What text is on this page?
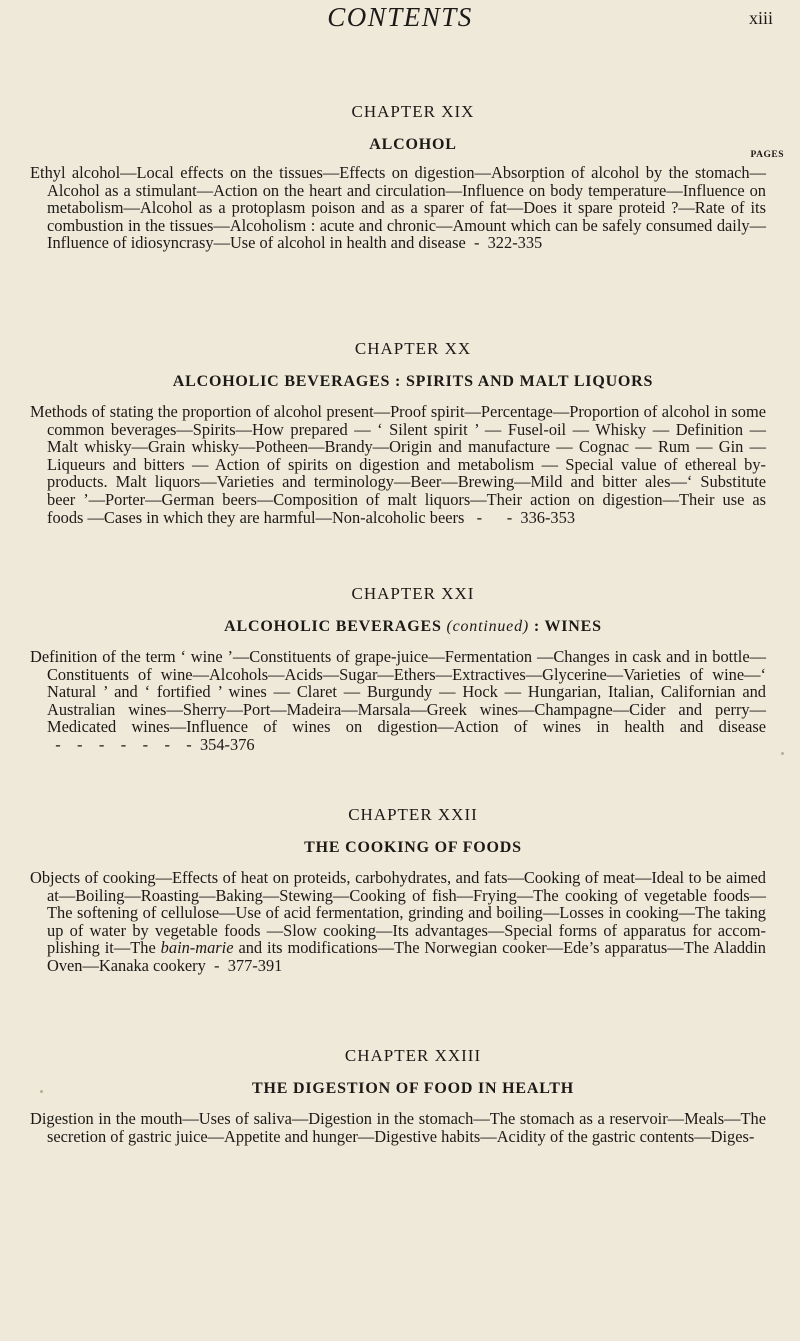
CONTENTS	xiii
CHAPTER XIX
ALCOHOL
PAGES
Ethyl alcohol—Local effects on the tissues—Effects on digestion—Absorption of alcohol by the stomach—Alcohol as a stimulant—Action on the heart and circulation—Influence on body temperature—Influence on metabolism—Alcohol as a protoplasm poison and as a sparer of fat—Does it spare proteid ?—Rate of its combustion in the tissues—Alcoholism : acute and chronic—Amount which can be safely consumed daily—Influence of idiosyncrasy—Use of alcohol in health and disease  -  322-335
CHAPTER XX
ALCOHOLIC BEVERAGES : SPIRITS AND MALT LIQUORS
Methods of stating the proportion of alcohol present—Proof spirit—Percentage—Proportion of alcohol in some common beverages—Spirits—How prepared — ‘ Silent spirit ’ — Fusel-oil — Whisky — Definition — Malt whisky—Grain whisky—Potheen—Brandy—Origin and manufacture — Cognac — Rum — Gin — Liqueurs and bitters — Action of spirits on digestion and metabolism — Special value of ethereal by-products. Malt liquors—Varieties and terminology—Beer—Brewing—Mild and bitter ales—‘ Substitute beer ’—Porter—German beers—Composition of malt liquors—Their action on digestion—Their use as foods —Cases in which they are harmful—Non-alcoholic beers   -      -  336-353
CHAPTER XXI
ALCOHOLIC BEVERAGES (continued) : WINES
Definition of the term ‘ wine ’—Constituents of grape-juice—Fermentation —Changes in cask and in bottle—Constituents of wine—Alcohols—Acids—Sugar—Ethers—Extractives—Glycerine—Varieties of wine—‘ Natural ’ and ‘ fortified ’ wines — Claret — Burgundy — Hock — Hungarian, Italian, Californian and Australian wines—Sherry—Port—Madeira—Marsala—Greek wines—Champagne—Cider and perry—Medicated wines—Influence of wines on digestion—Action of wines in health and disease  -    -    -    -    -    -    -  354-376
CHAPTER XXII
THE COOKING OF FOODS
Objects of cooking—Effects of heat on proteids, carbohydrates, and fats—Cooking of meat—Ideal to be aimed at—Boiling—Roasting—Baking—Stewing—Cooking of fish—Frying—The cooking of vegetable foods—The softening of cellulose—Use of acid fermentation, grinding and boiling—Losses in cooking—The taking up of water by vegetable foods —Slow cooking—Its advantages—Special forms of apparatus for accomplishing it—The bain-marie and its modifications—The Norwegian cooker—Ede’s apparatus—The Aladdin Oven—Kanaka cookery  -  377-391
CHAPTER XXIII
THE DIGESTION OF FOOD IN HEALTH
Digestion in the mouth—Uses of saliva—Digestion in the stomach—The stomach as a reservoir—Meals—The secretion of gastric juice—Appetite and hunger—Digestive habits—Acidity of the gastric contents—Diges-
